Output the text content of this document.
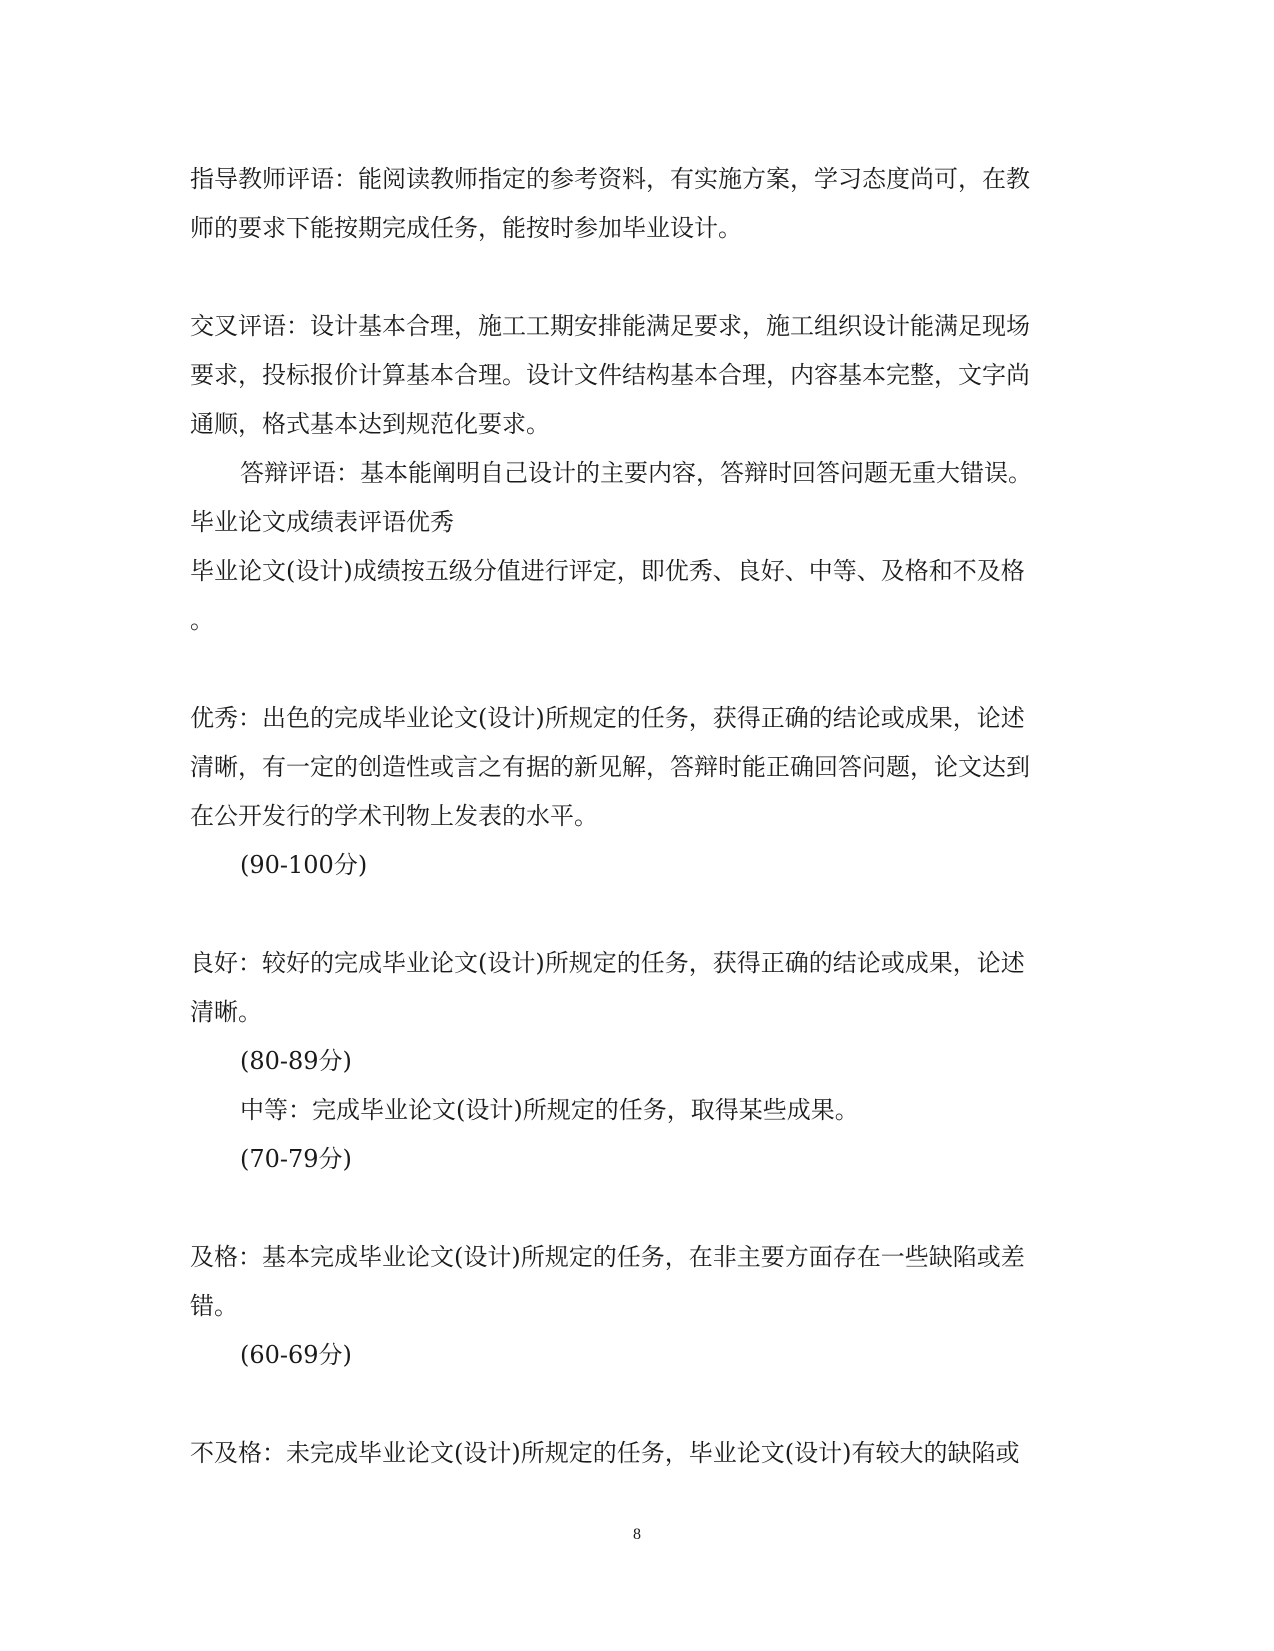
指导教师评语：能阅读教师指定的参考资料，有实施方案，学习态度尚可，在教
师的要求下能按期完成任务，能按时参加毕业设计。
交叉评语：设计基本合理，施工工期安排能满足要求，施工组织设计能满足现场
要求，投标报价计算基本合理。设计文件结构基本合理，内容基本完整，文字尚
通顺，格式基本达到规范化要求。
答辩评语：基本能阐明自己设计的主要内容，答辩时回答问题无重大错误。
毕业论文成绩表评语优秀
毕业论文(设计)成绩按五级分值进行评定，即优秀、良好、中等、及格和不及格
。
优秀：出色的完成毕业论文(设计)所规定的任务，获得正确的结论或成果，论述
清晰，有一定的创造性或言之有据的新见解，答辩时能正确回答问题，论文达到
在公开发行的学术刊物上发表的水平。
(90-100分)
良好：较好的完成毕业论文(设计)所规定的任务，获得正确的结论或成果，论述
清晰。
(80-89分)
中等：完成毕业论文(设计)所规定的任务，取得某些成果。
(70-79分)
及格：基本完成毕业论文(设计)所规定的任务，在非主要方面存在一些缺陷或差
错。
(60-69分)
不及格：未完成毕业论文(设计)所规定的任务，毕业论文(设计)有较大的缺陷或
8
